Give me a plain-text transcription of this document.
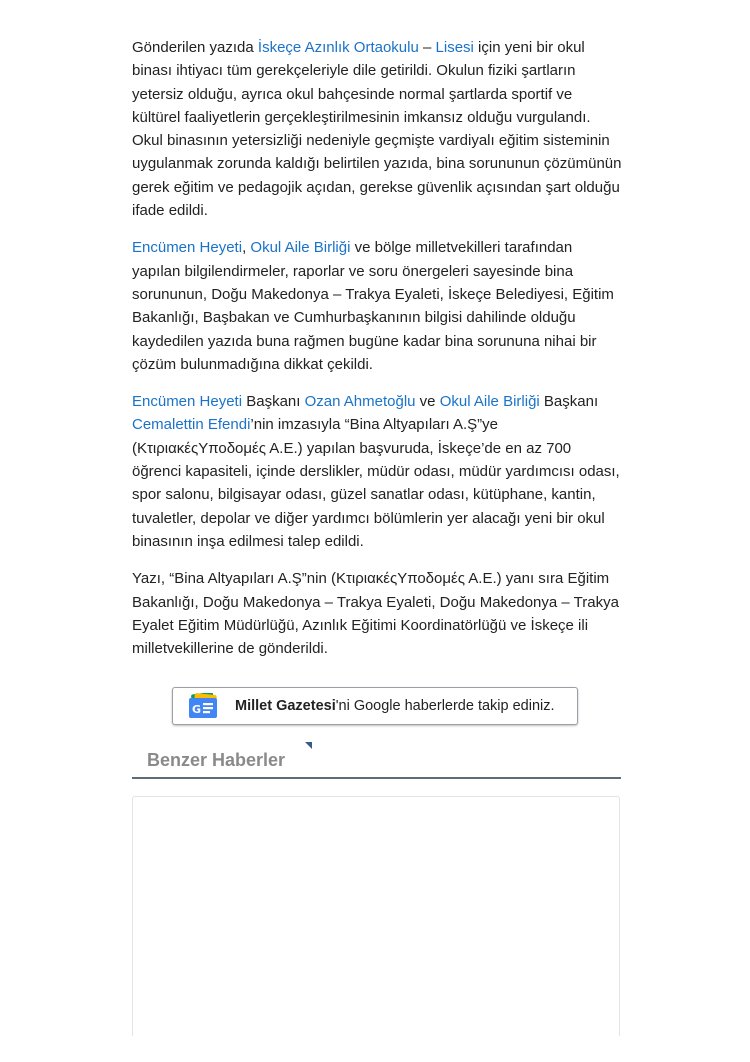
Gönderilen yazıda İskeçe Azınlık Ortaokulu – Lisesi için yeni bir okul binası ihtiyacı tüm gerekçeleriyle dile getirildi. Okulun fiziki şartların yetersiz olduğu, ayrıca okul bahçesinde normal şartlarda sportif ve kültürel faaliyetlerin gerçekleştirilmesinin imkansız olduğu vurgulandı. Okul binasının yetersizliği nedeniyle geçmişte vardiyalı eğitim sisteminin uygulanmak zorunda kaldığı belirtilen yazıda, bina sorununun çözümünün gerek eğitim ve pedagojik açıdan, gerekse güvenlik açısından şart olduğu ifade edildi.

Encümen Heyeti, Okul Aile Birliği ve bölge milletvekilleri tarafından yapılan bilgilendirmeler, raporlar ve soru önergeleri sayesinde bina sorununun, Doğu Makedonya – Trakya Eyaleti, İskeçe Belediyesi, Eğitim Bakanlığı, Başbakan ve Cumhurbaşkanının bilgisi dahilinde olduğu kaydedilen yazıda buna rağmen bugüne kadar bina sorununa nihai bir çözüm bulunmadığına dikkat çekildi.

Encümen Heyeti Başkanı Ozan Ahmetoğlu ve Okul Aile Birliği Başkanı Cemalettin Efendi’nin imzasıyla “Bina Altyapıları A.Ş”ye (ΚτιριακέςΥποδομές Α.Ε.) yapılan başvuruda, İskeçe’de en az 700 öğrenci kapasiteli, içinde derslikler, müdür odası, müdür yardımcısı odası, spor salonu, bilgisayar odası, güzel sanatlar odası, kütüphane, kantin, tuvaletler, depolar ve diğer yardımcı bölümlerin yer alacağı yeni bir okul binasının inşa edilmesi talep edildi.

Yazı, “Bina Altyapıları A.Ş”nin (ΚτιριακέςΥποδομές Α.Ε.) yanı sıra Eğitim Bakanlığı, Doğu Makedonya – Trakya Eyaleti, Doğu Makedonya – Trakya Eyalet Eğitim Müdürlüğü, Azınlık Eğitimi Koordinatörlüğü ve İskeçe ili milletvekillerine de gönderildi.

G Millet Gazetesi'ni Google haberlerde takip ediniz.
Benzer Haberler
